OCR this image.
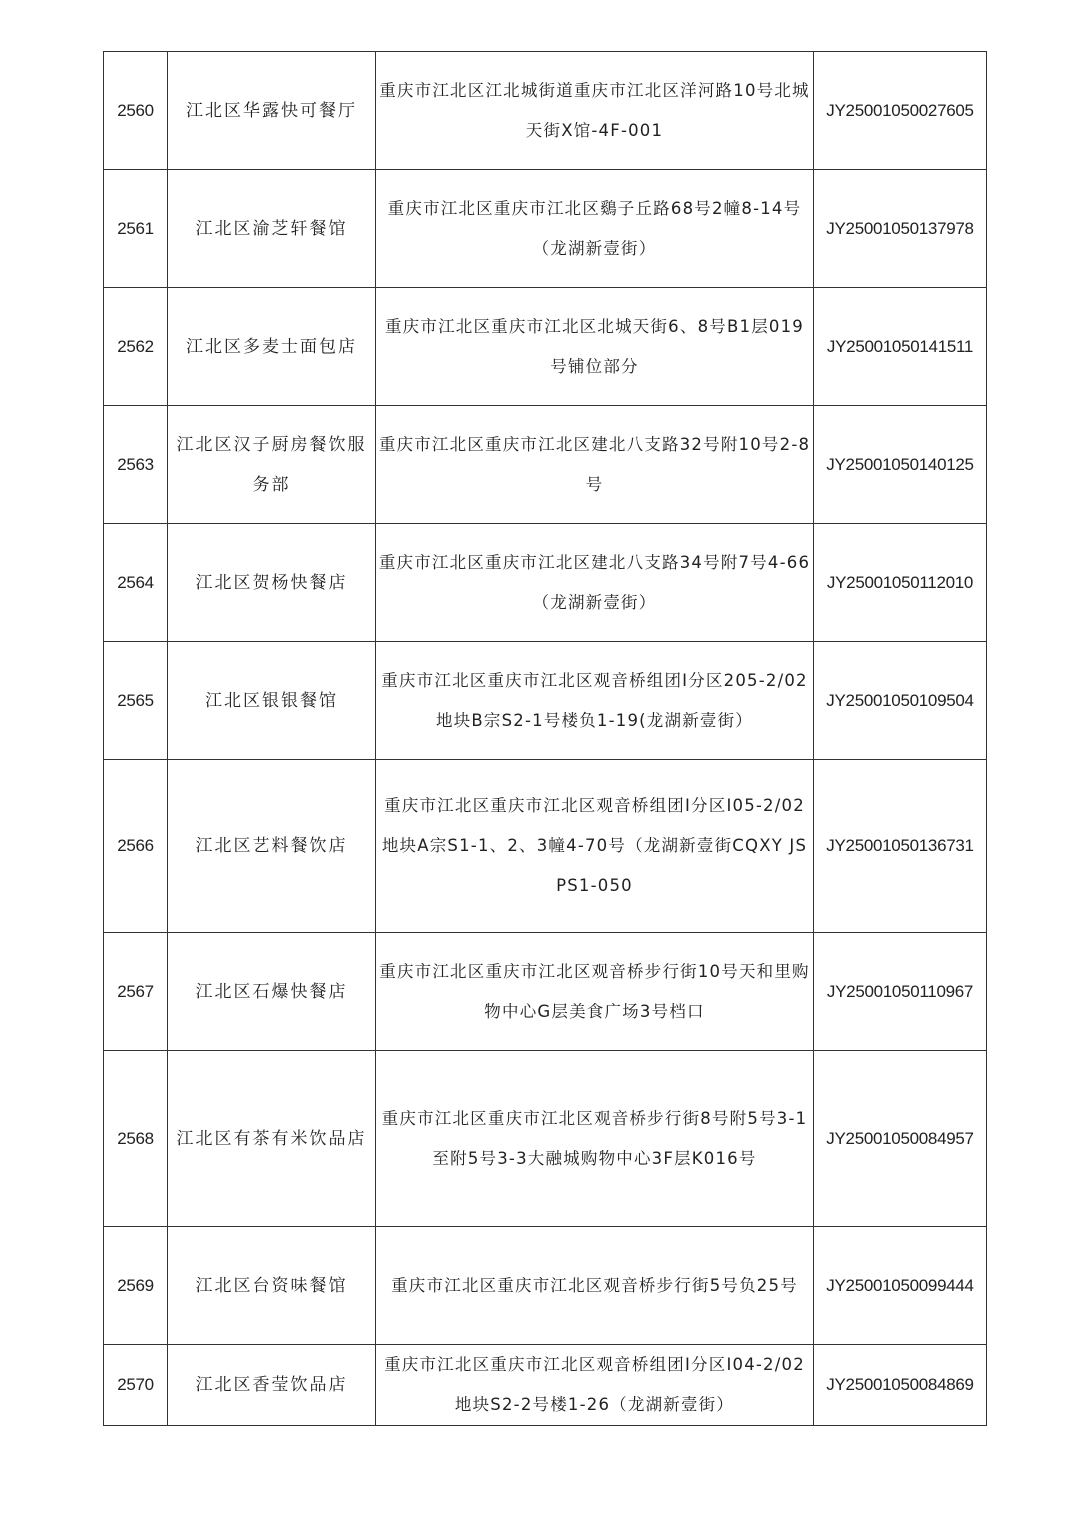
2560	江北区华露快可餐厅	重庆市江北区江北城街道重庆市江北区洋河路10号北城天街X馆-4F-001	JY25001050027605
2561	江北区渝芝轩餐馆	重庆市江北区重庆市江北区鷄子丘路68号2幢8-14号（龙湖新壹街）	JY25001050137978
2562	江北区多麦士面包店	重庆市江北区重庆市江北区北城天街6、8号B1层019号铺位部分	JY25001050141511
2563	江北区汉子厨房餐饮服务部	重庆市江北区重庆市江北区建北八支路32号附10号2-8号	JY25001050140125
2564	江北区贺杨快餐店	重庆市江北区重庆市江北区建北八支路34号附7号4-66（龙湖新壹街）	JY25001050112010
2565	江北区银银餐馆	重庆市江北区重庆市江北区观音桥组团I分区205-2/02地块B宗S2-1号楼负1-19(龙湖新壹街）	JY25001050109504
2566	江北区艺料餐饮店	重庆市江北区重庆市江北区观音桥组团I分区I05-2/02地块A宗S1-1、2、3幢4-70号（龙湖新壹街CQXY JSPS1-050	JY25001050136731
2567	江北区石爆快餐店	重庆市江北区重庆市江北区观音桥步行街10号天和里购物中心G层美食广场3号档口	JY25001050110967
2568	江北区有茶有米饮品店	重庆市江北区重庆市江北区观音桥步行街8号附5号3-1至附5号3-3大融城购物中心3F层K016号	JY25001050084957
2569	江北区台资味餐馆	重庆市江北区重庆市江北区观音桥步行街5号负25号	JY25001050099444
2570	江北区香莹饮品店	重庆市江北区重庆市江北区观音桥组团I分区I04-2/02地块S2-2号楼1-26（龙湖新壹街）	JY25001050084869
